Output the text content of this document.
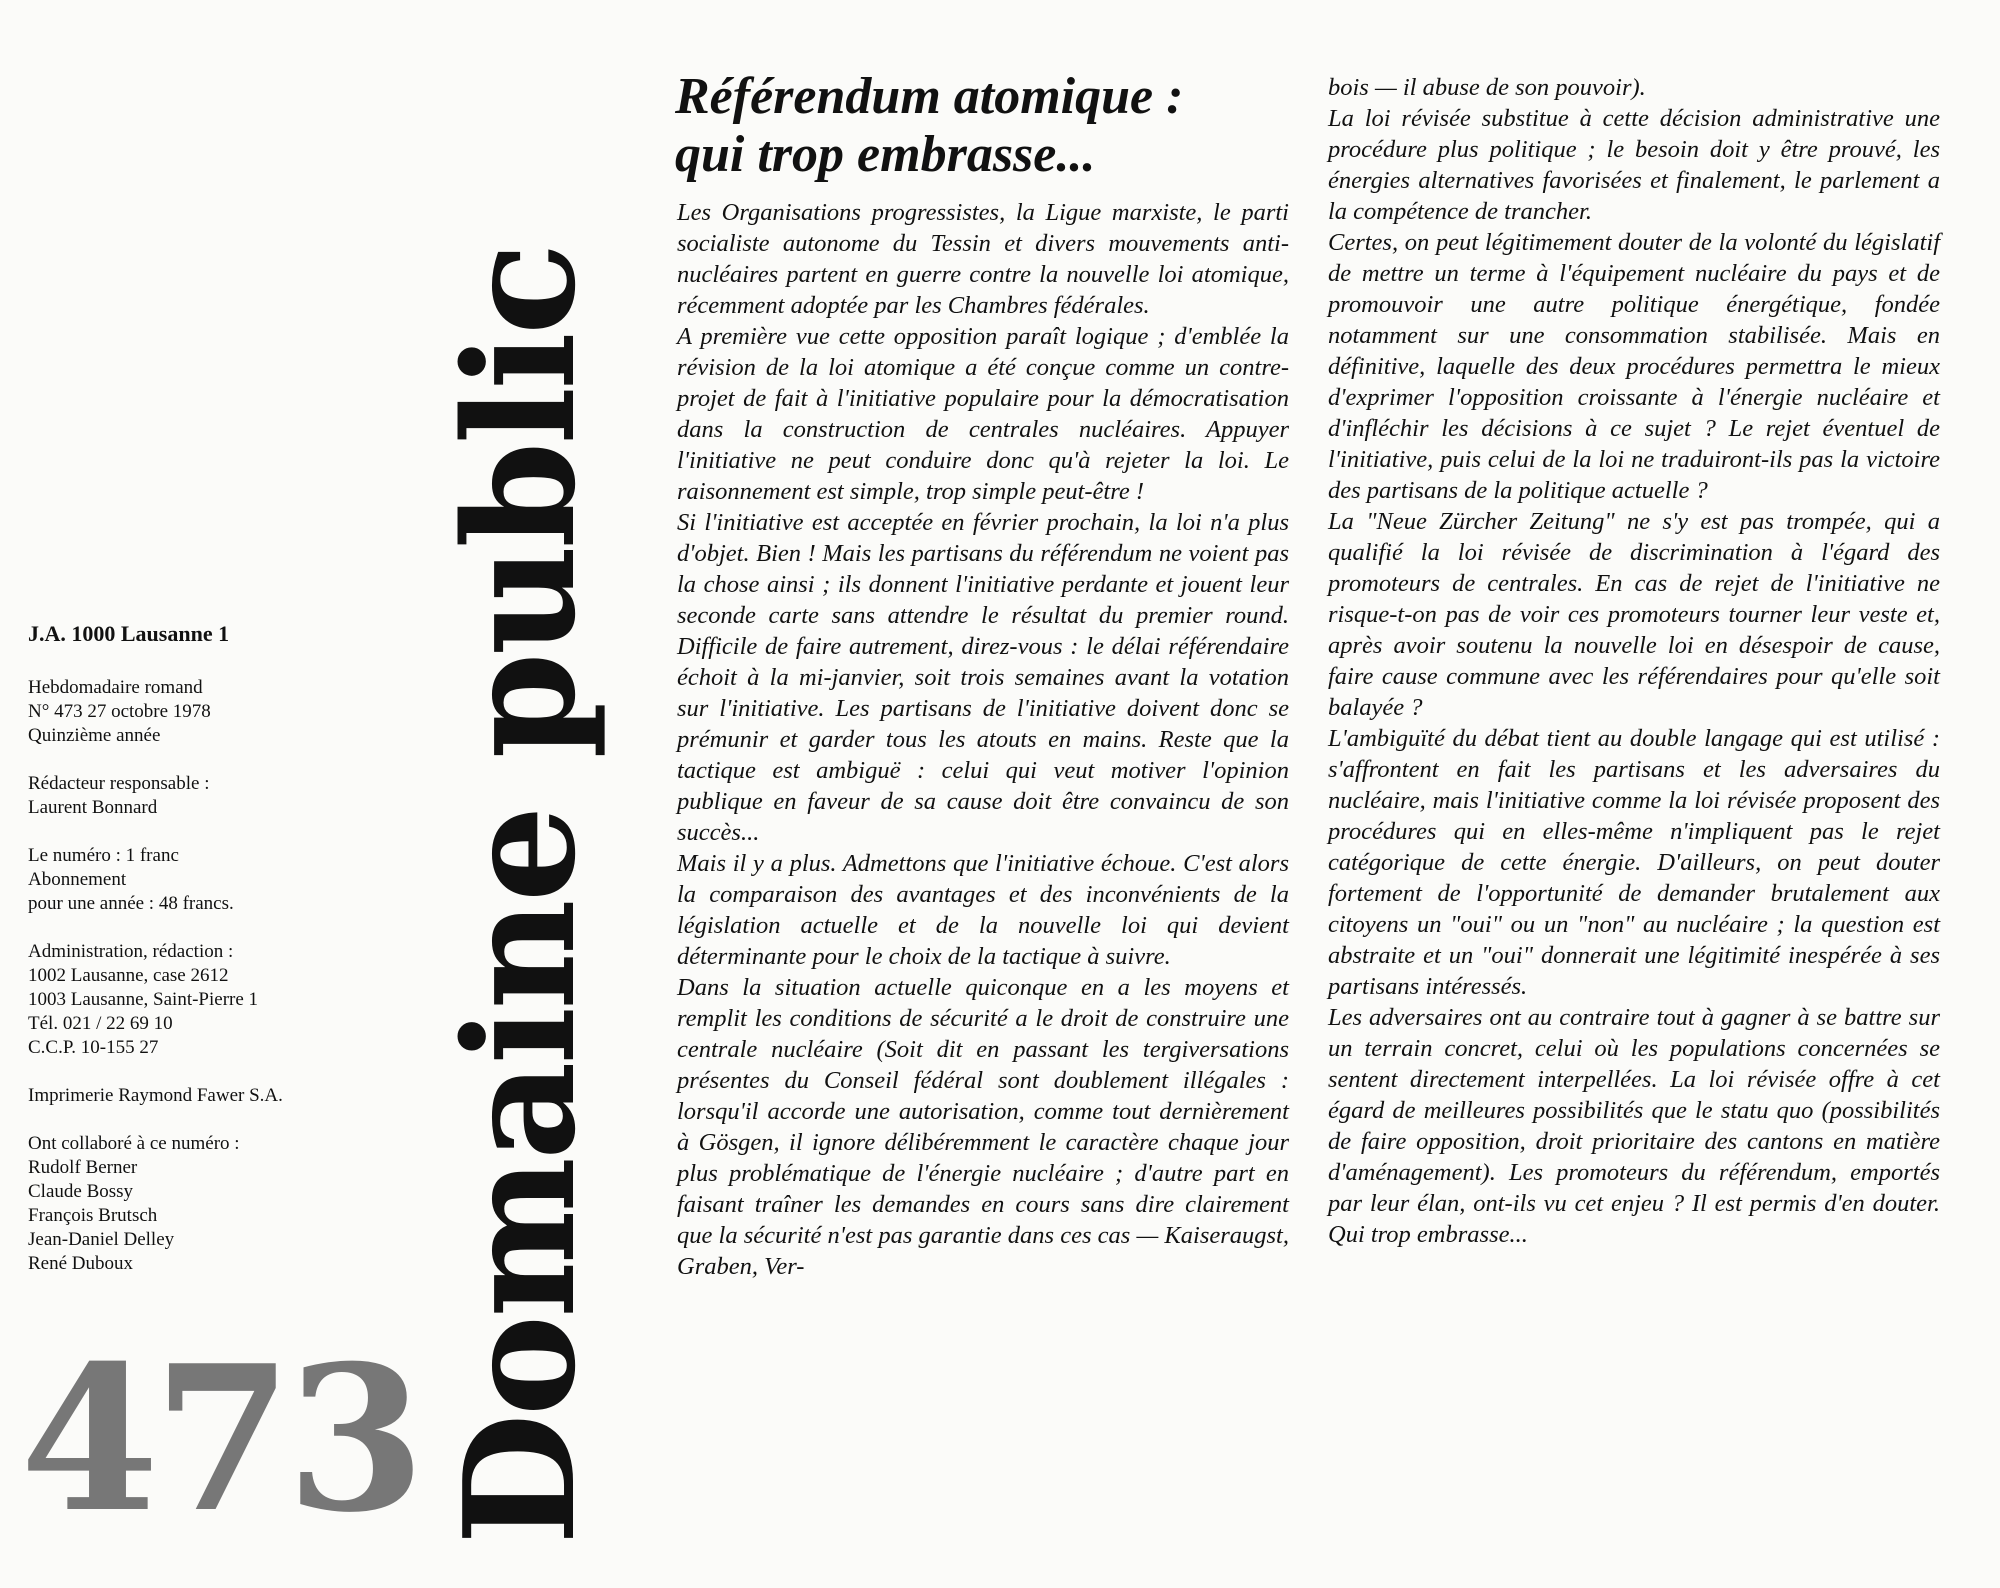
J.A. 1000 Lausanne 1
Hebdomadaire romand
N° 473 27 octobre 1978
Quinzième année
Rédacteur responsable :
Laurent Bonnard
Le numéro : 1 franc
Abonnement
pour une année : 48 francs.
Administration, rédaction :
1002 Lausanne, case 2612
1003 Lausanne, Saint-Pierre 1
Tél. 021 / 22 69 10
C.C.P. 10-155 27
Imprimerie Raymond Fawer S.A.
Ont collaboré à ce numéro :
Rudolf Berner
Claude Bossy
François Brutsch
Jean-Daniel Delley
René Duboux
473 Domaine public
Référendum atomique :
qui trop embrasse...

Les Organisations progressistes, la Ligue marxiste, le parti socialiste autonome du Tessin et divers mouvements anti-nucléaires partent en guerre contre la nouvelle loi atomique, récemment adoptée par les Chambres fédérales.

A première vue cette opposition paraît logique ; d'emblée la révision de la loi atomique a été conçue comme un contre-projet de fait à l'initiative populaire pour la démocratisation dans la construction de centrales nucléaires. Appuyer l'initiative ne peut conduire donc qu'à rejeter la loi. Le raisonnement est simple, trop simple peut-être !

Si l'initiative est acceptée en février prochain, la loi n'a plus d'objet. Bien ! Mais les partisans du référendum ne voient pas la chose ainsi ; ils donnent l'initiative perdante et jouent leur seconde carte sans attendre le résultat du premier round. Difficile de faire autrement, direz-vous : le délai référendaire échoit à la mi-janvier, soit trois semaines avant la votation sur l'initiative. Les partisans de l'initiative doivent donc se prémunir et garder tous les atouts en mains. Reste que la tactique est ambiguë : celui qui veut motiver l'opinion publique en faveur de sa cause doit être convaincu de son succès...

Mais il y a plus. Admettons que l'initiative échoue. C'est alors la comparaison des avantages et des inconvénients de la législation actuelle et de la nouvelle loi qui devient déterminante pour le choix de la tactique à suivre.

Dans la situation actuelle quiconque en a les moyens et remplit les conditions de sécurité a le droit de construire une centrale nucléaire (Soit dit en passant les tergiversations présentes du Conseil fédéral sont doublement illégales : lorsqu'il accorde une autorisation, comme tout dernièrement à Gösgen, il ignore délibéremment le caractère chaque jour plus problématique de l'énergie nucléaire ; d'autre part en faisant traîner les demandes en cours sans dire clairement que la sécurité n'est pas garantie dans ces cas — Kaiseraugst, Graben, Ver-

bois — il abuse de son pouvoir).

La loi révisée substitue à cette décision administrative une procédure plus politique ; le besoin doit y être prouvé, les énergies alternatives favorisées et finalement, le parlement a la compétence de trancher.

Certes, on peut légitimement douter de la volonté du législatif de mettre un terme à l'équipement nucléaire du pays et de promouvoir une autre politique énergétique, fondée notamment sur une consommation stabilisée. Mais en définitive, laquelle des deux procédures permettra le mieux d'exprimer l'opposition croissante à l'énergie nucléaire et d'infléchir les décisions à ce sujet ? Le rejet éventuel de l'initiative, puis celui de la loi ne traduiront-ils pas la victoire des partisans de la politique actuelle ?

La "Neue Zürcher Zeitung" ne s'y est pas trompée, qui a qualifié la loi révisée de discrimination à l'égard des promoteurs de centrales. En cas de rejet de l'initiative ne risque-t-on pas de voir ces promoteurs tourner leur veste et, après avoir soutenu la nouvelle loi en désespoir de cause, faire cause commune avec les référendaires pour qu'elle soit balayée ?

L'ambiguïté du débat tient au double langage qui est utilisé : s'affrontent en fait les partisans et les adversaires du nucléaire, mais l'initiative comme la loi révisée proposent des procédures qui en elles-même n'impliquent pas le rejet catégorique de cette énergie. D'ailleurs, on peut douter fortement de l'opportunité de demander brutalement aux citoyens un "oui" ou un "non" au nucléaire ; la question est abstraite et un "oui" donnerait une légitimité inespérée à ses partisans intéressés.

Les adversaires ont au contraire tout à gagner à se battre sur un terrain concret, celui où les populations concernées se sentent directement interpellées. La loi révisée offre à cet égard de meilleures possibilités que le statu quo (possibilités de faire opposition, droit prioritaire des cantons en matière d'aménagement). Les promoteurs du référendum, emportés par leur élan, ont-ils vu cet enjeu ? Il est permis d'en douter. Qui trop embrasse...
